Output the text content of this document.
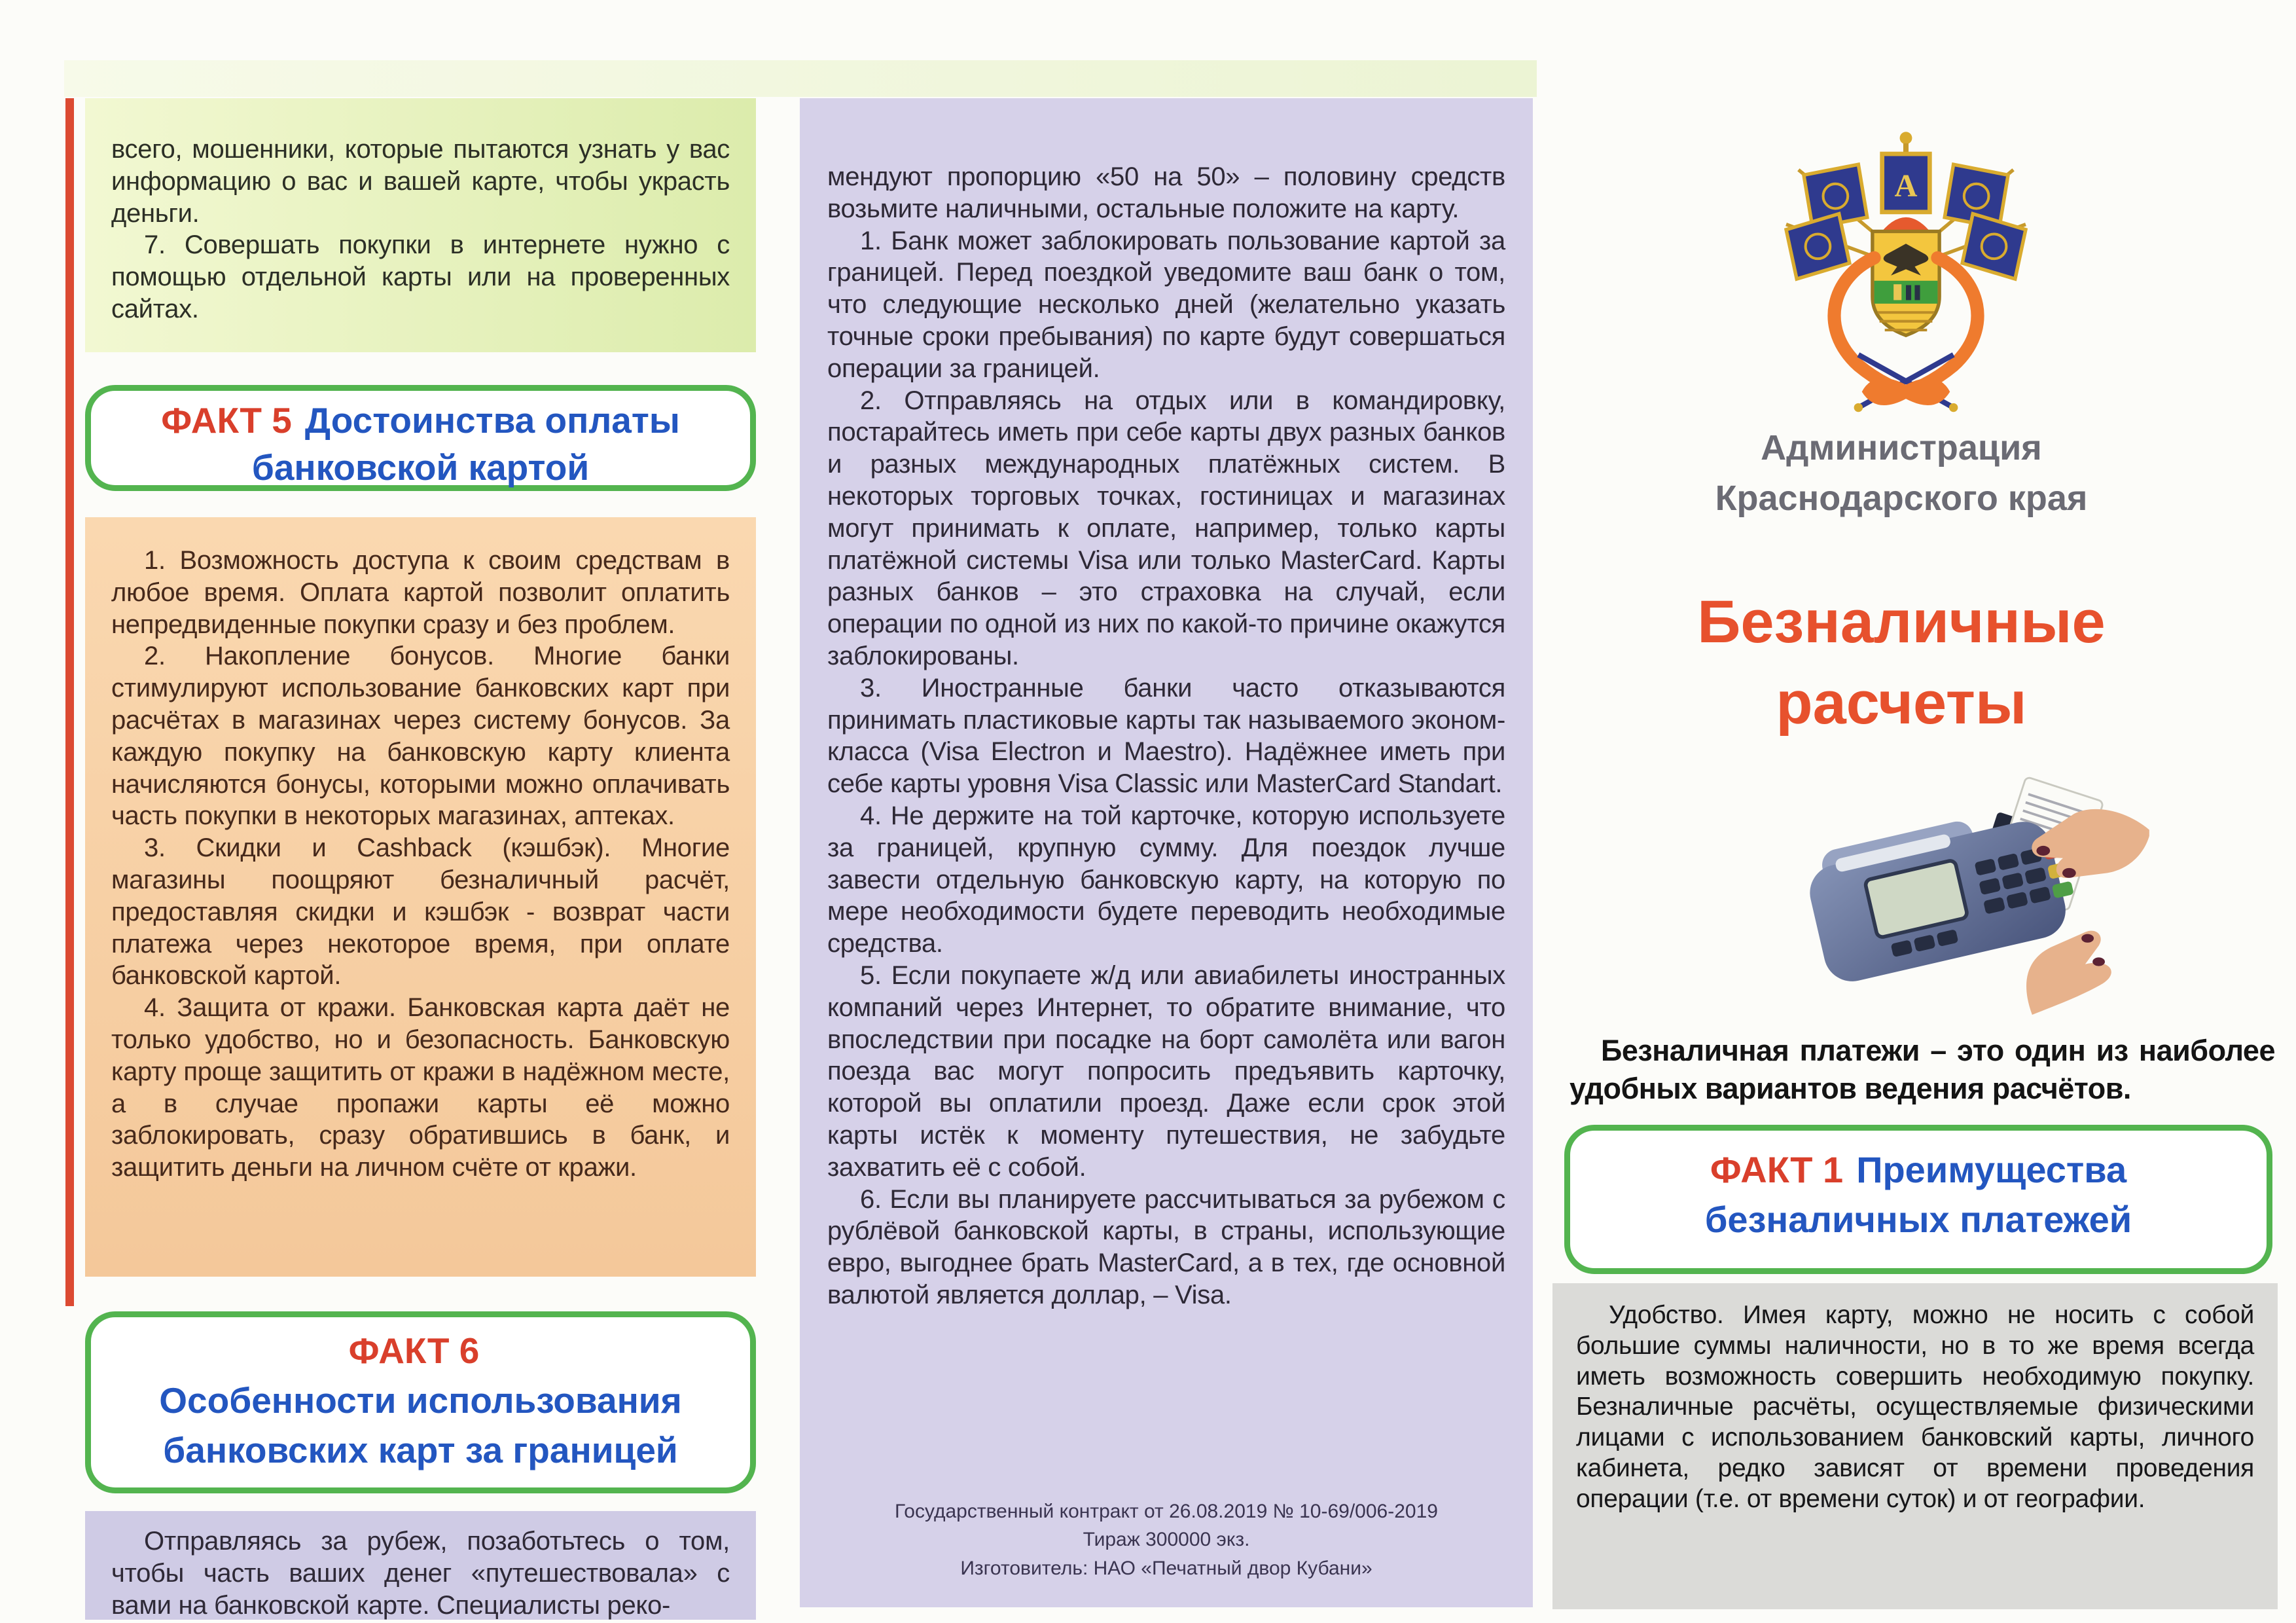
всего, мошенники, которые пытаются узнать у вас информацию о вас и вашей карте, чтобы украсть деньги.

7. Совершать покупки в интернете нужно с помощью отдельной карты или на проверенных сайтах.

ФАКТ 5 Достоинства оплаты банковской картой

1. Возможность доступа к своим средствам в любое время. Оплата картой позволит оплатить непредвиденные покупки сразу и без проблем.

2. Накопление бонусов. Многие банки стимулируют использование банковских карт при расчётах в магазинах через систему бонусов. За каждую покупку на банковскую карту клиента начисляются бонусы, которыми можно оплачивать часть покупки в некоторых магазинах, аптеках.

3. Скидки и Cashback (кэшбэк). Многие магазины поощряют безналичный расчёт, предоставляя скидки и кэшбэк - возврат части платежа через некоторое время, при оплате банковской картой.

4. Защита от кражи. Банковская карта даёт не только удобство, но и безопасность. Банковскую карту проще защитить от кражи в надёжном месте, а в случае пропажи карты её можно заблокировать, сразу обратившись в банк, и защитить деньги на личном счёте от кражи.

ФАКТ 6
Особенности использования
банковских карт за границей

Отправляясь за рубеж, позаботьтесь о том, чтобы часть ваших денег «путешествовала» с вами на банковской карте. Специалисты реко-

мендуют пропорцию «50 на 50» – половину средств возьмите наличными, остальные положите на карту.

1. Банк может заблокировать пользование картой за границей. Перед поездкой уведомите ваш банк о том, что следующие несколько дней (желательно указать точные сроки пребывания) по карте будут совершаться операции за границей.

2. Отправляясь на отдых или в командировку, постарайтесь иметь при себе карты двух разных банков и разных международных платёжных систем. В некоторых торговых точках, гостиницах и магазинах могут принимать к оплате, например, только карты платёжной системы Visa или только MasterCard. Карты разных банков – это страховка на случай, если операции по одной из них по какой-то причине окажутся заблокированы.

3. Иностранные банки часто отказываются принимать пластиковые карты так называемого эконом-класса (Visa Electron и Maestro). Надёжнее иметь при себе карты уровня Visa Classic или MasterCard Standart.

4. Не держите на той карточке, которую используете за границей, крупную сумму. Для поездок лучше завести отдельную банковскую карту, на которую по мере необходимости будете переводить необходимые средства.

5. Если покупаете ж/д или авиабилеты иностранных компаний через Интернет, то обратите внимание, что впоследствии при посадке на борт самолёта или вагон поезда вас могут попросить предъявить карточку, которой вы оплатили проезд. Даже если срок этой карты истёк к моменту путешествия, не забудьте захватить её с собой.

6. Если вы планируете рассчитываться за рубежом с рублёвой банковской карты, в страны, использующие евро, выгоднее брать MasterCard, а в тех, где основной валютой является доллар, – Visa.

Государственный контракт от 26.08.2019 № 10-69/006-2019
Тираж 300000 экз.
Изготовитель: НАО «Печатный двор Кубани»
А
Администрация
Краснодарского края
Безналичные
расчеты

Безналичная платежи – это один из наиболее удобных вариантов ведения расчётов.

ФАКТ 1 Преимущества
безналичных платежей

Удобство. Имея карту, можно не носить с собой большие суммы наличности, но в то же время всегда иметь возможность совершить необходимую покупку. Безналичные расчёты, осуществляемые физическими лицами с использованием банковский карты, личного кабинета, редко зависят от времени проведения операции (т.е. от времени суток) и от географии.
